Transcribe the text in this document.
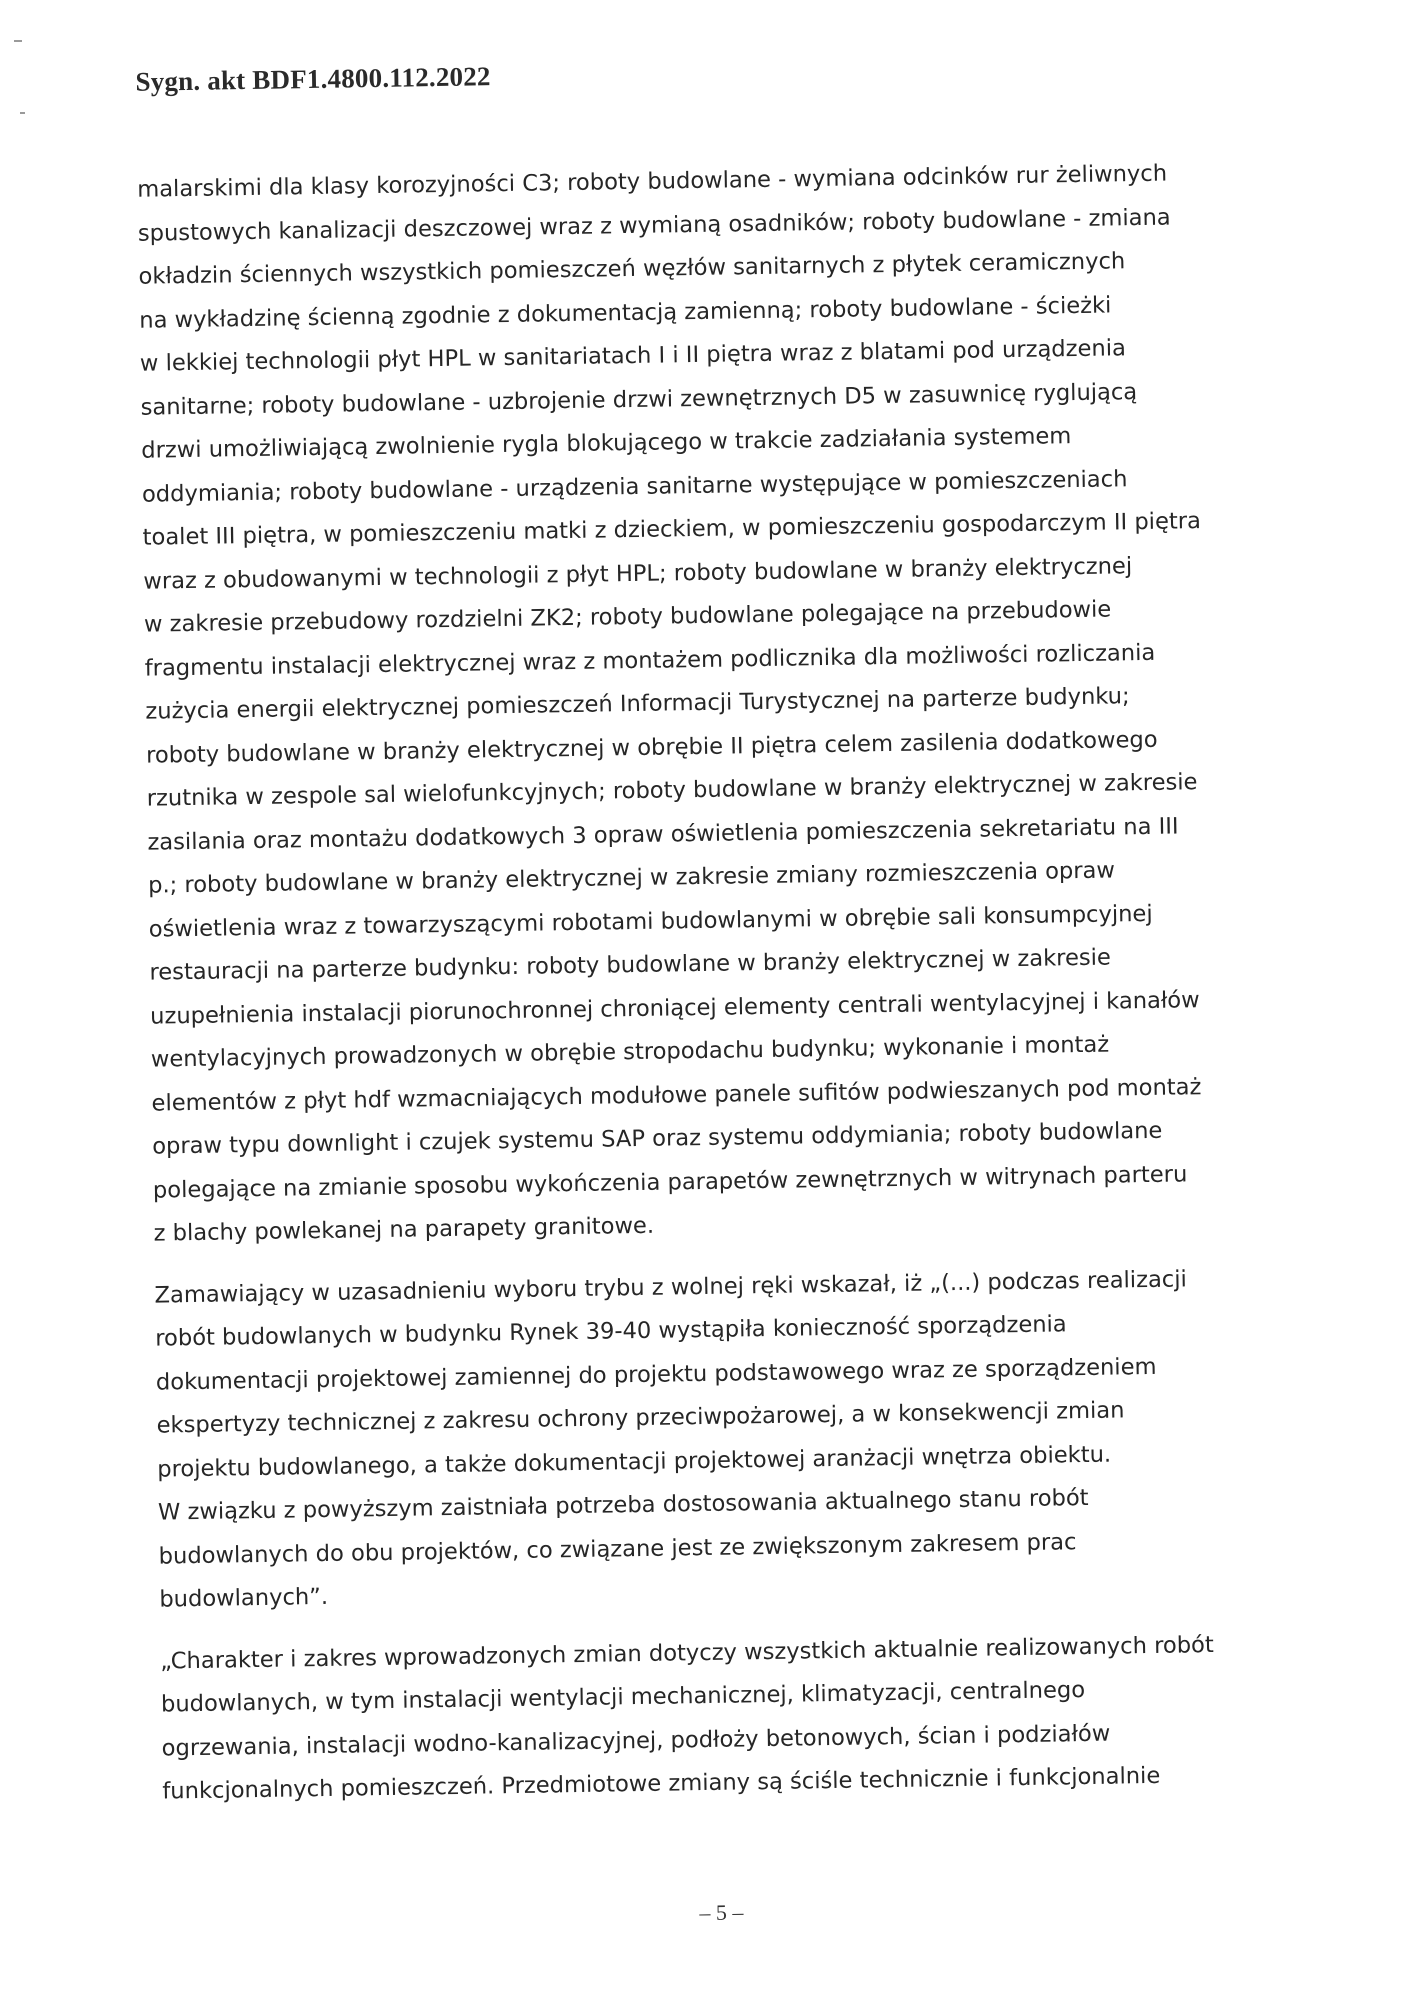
Sygn. akt BDF1.4800.112.2022
malarskimi dla klasy korozyjności C3; roboty budowlane - wymiana odcinków rur żeliwnych
spustowych kanalizacji deszczowej wraz z wymianą osadników; roboty budowlane - zmiana
okładzin ściennych wszystkich pomieszczeń węzłów sanitarnych z płytek ceramicznych
na wykładzinę ścienną zgodnie z dokumentacją zamienną; roboty budowlane - ścieżki
w lekkiej technologii płyt HPL w sanitariatach I i II piętra wraz z blatami pod urządzenia
sanitarne; roboty budowlane - uzbrojenie drzwi zewnętrznych D5 w zasuwnicę ryglującą
drzwi umożliwiającą zwolnienie rygla blokującego w trakcie zadziałania systemem
oddymiania; roboty budowlane - urządzenia sanitarne występujące w pomieszczeniach
toalet III piętra, w pomieszczeniu matki z dzieckiem, w pomieszczeniu gospodarczym II piętra
wraz z obudowanymi w technologii z płyt HPL; roboty budowlane w branży elektrycznej
w zakresie przebudowy rozdzielni ZK2; roboty budowlane polegające na przebudowie
fragmentu instalacji elektrycznej wraz z montażem podlicznika dla możliwości rozliczania
zużycia energii elektrycznej pomieszczeń Informacji Turystycznej na parterze budynku;
roboty budowlane w branży elektrycznej w obrębie II piętra celem zasilenia dodatkowego
rzutnika w zespole sal wielofunkcyjnych; roboty budowlane w branży elektrycznej w zakresie
zasilania oraz montażu dodatkowych 3 opraw oświetlenia pomieszczenia sekretariatu na III
p.; roboty budowlane w branży elektrycznej w zakresie zmiany rozmieszczenia opraw
oświetlenia wraz z towarzyszącymi robotami budowlanymi w obrębie sali konsumpcyjnej
restauracji na parterze budynku: roboty budowlane w branży elektrycznej w zakresie
uzupełnienia instalacji piorunochronnej chroniącej elementy centrali wentylacyjnej i kanałów
wentylacyjnych prowadzonych w obrębie stropodachu budynku; wykonanie i montaż
elementów z płyt hdf wzmacniających modułowe panele sufitów podwieszanych pod montaż
opraw typu downlight i czujek systemu SAP oraz systemu oddymiania; roboty budowlane
polegające na zmianie sposobu wykończenia parapetów zewnętrznych w witrynach parteru
z blachy powlekanej na parapety granitowe.
Zamawiający w uzasadnieniu wyboru trybu z wolnej ręki wskazał, iż „(...) podczas realizacji
robót budowlanych w budynku Rynek 39-40 wystąpiła konieczność sporządzenia
dokumentacji projektowej zamiennej do projektu podstawowego wraz ze sporządzeniem
ekspertyzy technicznej z zakresu ochrony przeciwpożarowej, a w konsekwencji zmian
projektu budowlanego, a także dokumentacji projektowej aranżacji wnętrza obiektu.
W związku z powyższym zaistniała potrzeba dostosowania aktualnego stanu robót
budowlanych do obu projektów, co związane jest ze zwiększonym zakresem prac
budowlanych”.
„Charakter i zakres wprowadzonych zmian dotyczy wszystkich aktualnie realizowanych robót
budowlanych, w tym instalacji wentylacji mechanicznej, klimatyzacji, centralnego
ogrzewania, instalacji wodno-kanalizacyjnej, podłoży betonowych, ścian i podziałów
funkcjonalnych pomieszczeń. Przedmiotowe zmiany są ściśle technicznie i funkcjonalnie
– 5 –
